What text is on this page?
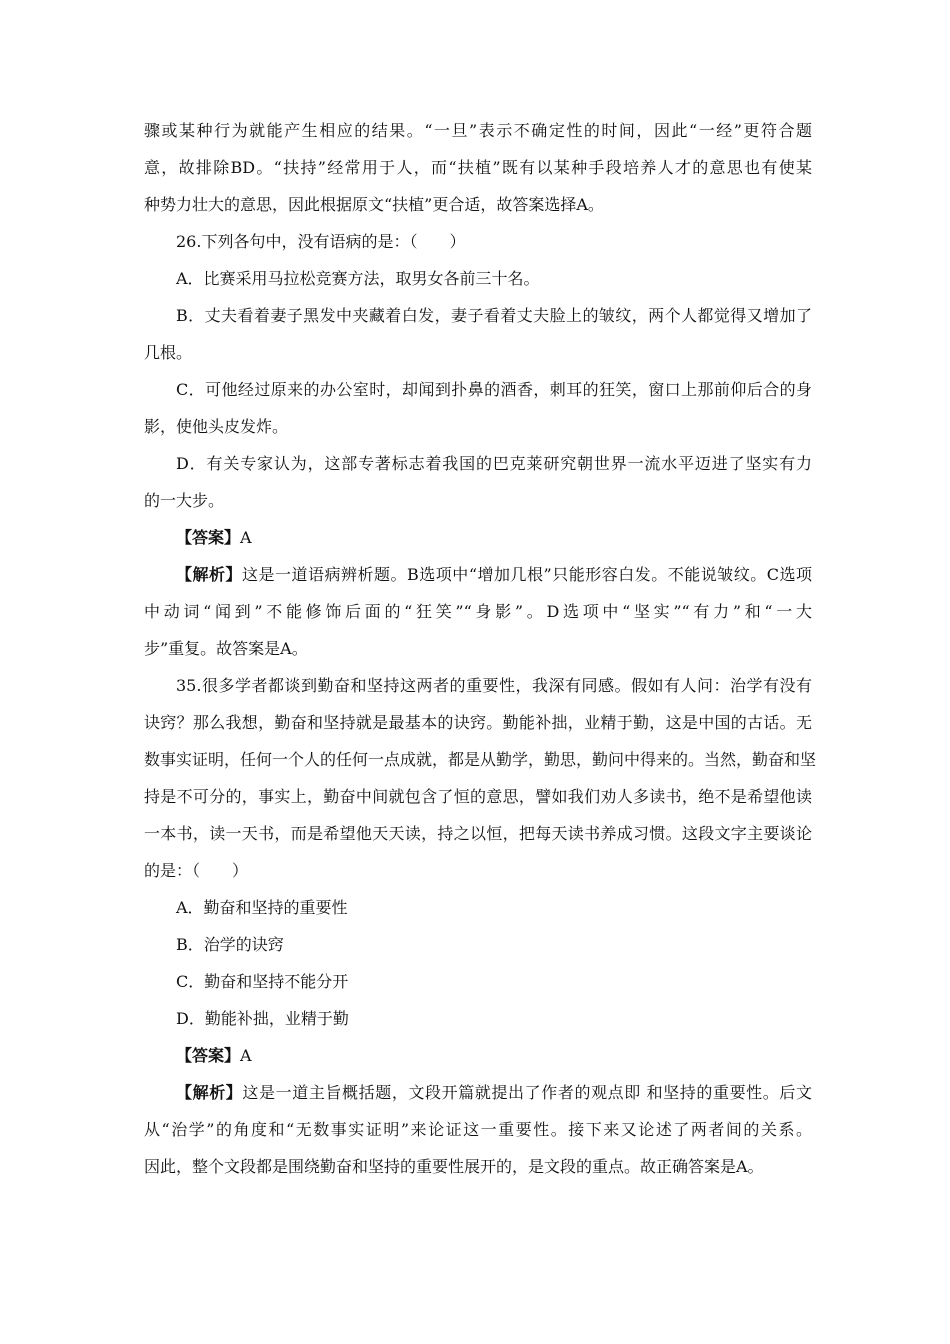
骤或某种行为就能产生相应的结果。“一旦”表示不确定性的时间，因此“一经”更符合题
意，故排除BD。“扶持”经常用于人，而“扶植”既有以某种手段培养人才的意思也有使某
种势力壮大的意思，因此根据原文“扶植”更合适，故答案选择A。
26.下列各句中，没有语病的是：（　　）
A．比赛采用马拉松竞赛方法，取男女各前三十名。
B．丈夫看着妻子黑发中夹藏着白发，妻子看着丈夫脸上的皱纹，两个人都觉得又增加了
几根。
C．可他经过原来的办公室时，却闻到扑鼻的酒香，刺耳的狂笑，窗口上那前仰后合的身
影，使他头皮发炸。
D．有关专家认为，这部专著标志着我国的巴克莱研究朝世界一流水平迈进了坚实有力
的一大步。
【答案】A
【解析】这是一道语病辨析题。B选项中“增加几根”只能形容白发。不能说皱纹。C选项
中动词“闻到”不能修饰后面的“狂笑”“身影”。D选项中“坚实”“有力”和“一大
步”重复。故答案是A。
35.很多学者都谈到勤奋和坚持这两者的重要性，我深有同感。假如有人问：治学有没有
诀窍？那么我想，勤奋和坚持就是最基本的诀窍。勤能补拙，业精于勤，这是中国的古话。无
数事实证明，任何一个人的任何一点成就，都是从勤学，勤思，勤问中得来的。当然，勤奋和坚
持是不可分的，事实上，勤奋中间就包含了恒的意思，譬如我们劝人多读书，绝不是希望他读
一本书，读一天书，而是希望他天天读，持之以恒，把每天读书养成习惯。这段文字主要谈论
的是：（　　）
A．勤奋和坚持的重要性
B．治学的诀窍
C．勤奋和坚持不能分开
D．勤能补拙，业精于勤
【答案】A
【解析】这是一道主旨概括题，文段开篇就提出了作者的观点即 和坚持的重要性。后文
从“治学”的角度和“无数事实证明”来论证这一重要性。接下来又论述了两者间的关系。
因此，整个文段都是围绕勤奋和坚持的重要性展开的，是文段的重点。故正确答案是A。
